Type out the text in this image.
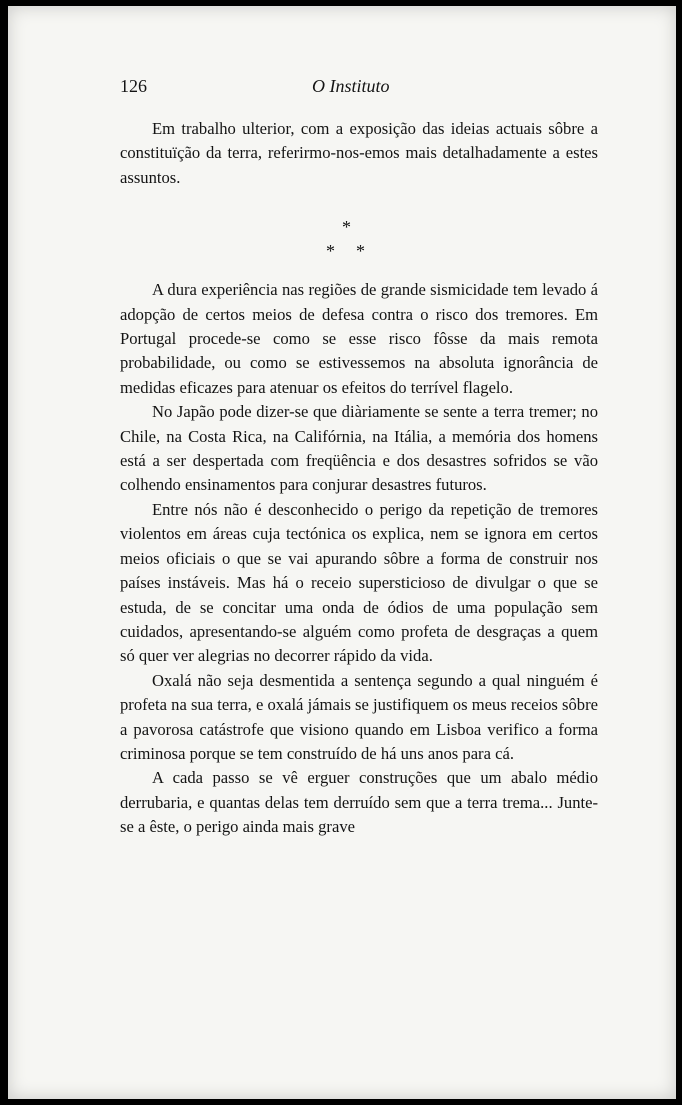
126	O Instituto

Em trabalho ulterior, com a exposição das ideias actuais sôbre a constituïção da terra, referirmo-nos-emos mais detalhadamente a estes assuntos.

*
* *

A dura experiência nas regiões de grande sismicidade tem levado á adopção de certos meios de defesa contra o risco dos tremores. Em Portugal procede-se como se esse risco fôsse da mais remota probabilidade, ou como se estivessemos na absoluta ignorância de medidas eficazes para atenuar os efeitos do terrível flagelo.

No Japão pode dizer-se que diàriamente se sente a terra tremer; no Chile, na Costa Rica, na Califórnia, na Itália, a memória dos homens está a ser despertada com freqüência e dos desastres sofridos se vão colhendo ensinamentos para conjurar desastres futuros.

Entre nós não é desconhecido o perigo da repetição de tremores violentos em áreas cuja tectónica os explica, nem se ignora em certos meios oficiais o que se vai apurando sôbre a forma de construir nos países instáveis. Mas há o receio supersticioso de divulgar o que se estuda, de se concitar uma onda de ódios de uma população sem cuidados, apresentando-se alguém como profeta de desgraças a quem só quer ver alegrias no decorrer rápido da vida.

Oxalá não seja desmentida a sentença segundo a qual ninguém é profeta na sua terra, e oxalá jámais se justifiquem os meus receios sôbre a pavorosa catástrofe que visiono quando em Lisboa verifico a forma criminosa porque se tem construído de há uns anos para cá.

A cada passo se vê erguer construções que um abalo médio derrubaria, e quantas delas tem derruído sem que a terra trema... Junte-se a êste, o perigo ainda mais grave
